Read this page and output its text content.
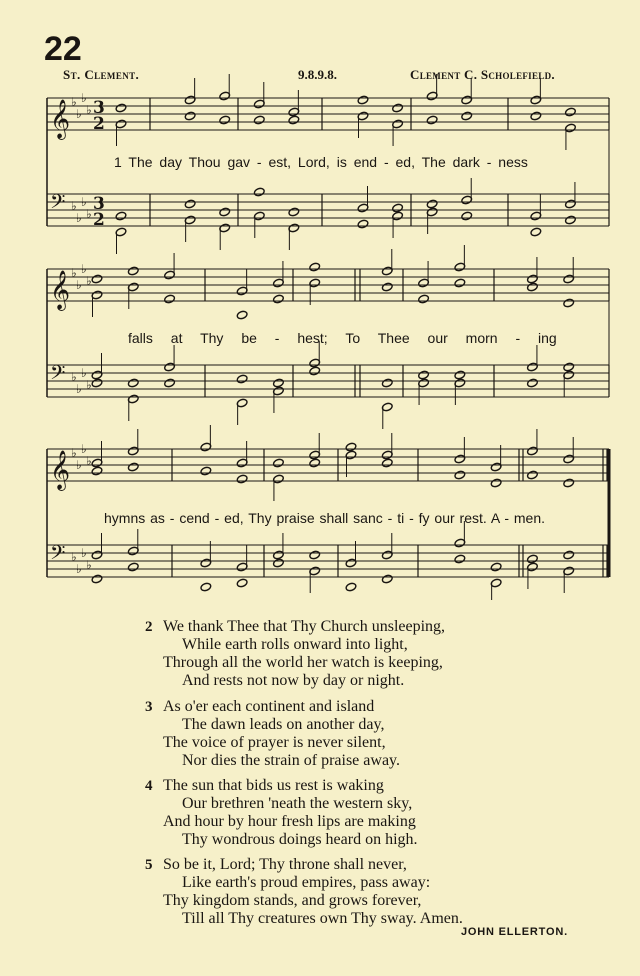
22
St. Clement.	9.8.9.8.	Clement C. Scholefield.
𝄞 ♭
♭
♭
♭ 3
2
𝄢 ♭
♭
♭
♭ 3
2
𝄞 ♭
♭
♭
♭
𝄢 ♭
♭
♭
♭
𝄞 ♭
♭
♭
♭
𝄢 ♭
♭
♭
♭
1 The day Thou gav - est, Lord, is end - ed, The dark - ness
falls at Thy be - hest; To Thee our morn - ing
hymns as - cend - ed, Thy praise shall sanc - ti - fy our rest. A - men.
2 We thank Thee that Thy Church unsleeping,
While earth rolls onward into light,
Through all the world her watch is keeping,
And rests not now by day or night.
3 As o'er each continent and island
The dawn leads on another day,
The voice of prayer is never silent,
Nor dies the strain of praise away.
4 The sun that bids us rest is waking
Our brethren 'neath the western sky,
And hour by hour fresh lips are making
Thy wondrous doings heard on high.
5 So be it, Lord; Thy throne shall never,
Like earth's proud empires, pass away:
Thy kingdom stands, and grows forever,
Till all Thy creatures own Thy sway. Amen.
JOHN ELLERTON.
